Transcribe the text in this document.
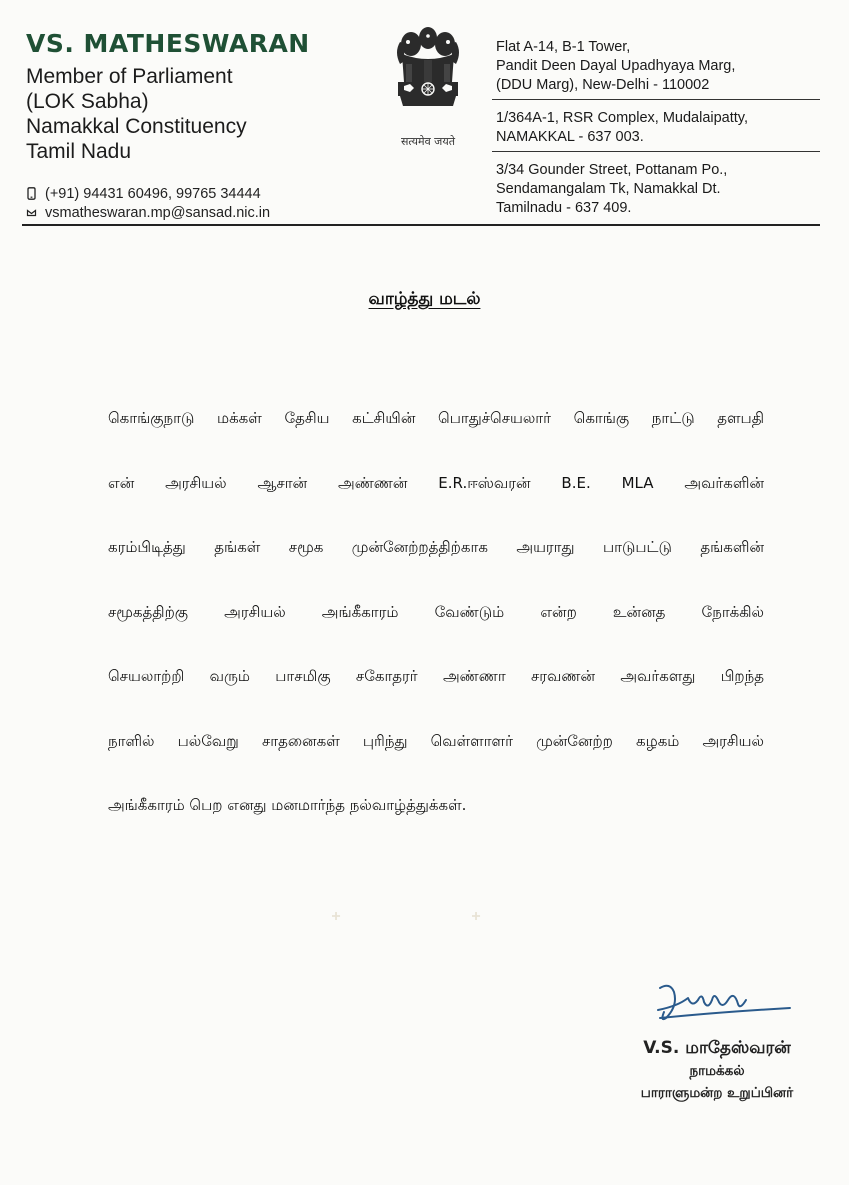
ᐩ	ᐩ
VS. MATHESWARAN
Member of Parliament
(LOK Sabha)
Namakkal Constituency
Tamil Nadu
(+91) 94431 60496, 99765 34444
vsmatheswaran.mp@sansad.nic.in
सत्यमेव जयते
Flat A-14, B-1 Tower,
Pandit Deen Dayal Upadhyaya Marg,
(DDU Marg), New-Delhi - 110002
1/364A-1, RSR Complex, Mudalaipatty,
NAMAKKAL - 637 003.
3/34 Gounder Street, Pottanam Po.,
Sendamangalam Tk, Namakkal Dt.
Tamilnadu - 637 409.
வாழ்த்து மடல்
கொங்குநாடு மக்கள் தேசிய கட்சியின் பொதுச்செயலார் கொங்கு நாட்டு தளபதி
என் அரசியல் ஆசான் அண்ணன் E.R.ஈஸ்வரன் B.E. MLA அவர்களின்
கரம்பிடித்து தங்கள் சமூக முன்னேற்றத்திற்காக அயராது பாடுபட்டு தங்களின்
சமூகத்திற்கு அரசியல் அங்கீகாரம் வேண்டும் என்ற உன்னத நோக்கில்
செயலாற்றி வரும் பாசமிகு சகோதரர் அண்ணா சரவணன் அவர்களது பிறந்த
நாளில் பல்வேறு சாதனைகள் புரிந்து வெள்ளாளர் முன்னேற்ற கழகம் அரசியல்
அங்கீகாரம் பெற எனது மனமார்ந்த நல்வாழ்த்துக்கள்.
V.S. மாதேஸ்வரன்
நாமக்கல்
பாராளுமன்ற உறுப்பினர்
